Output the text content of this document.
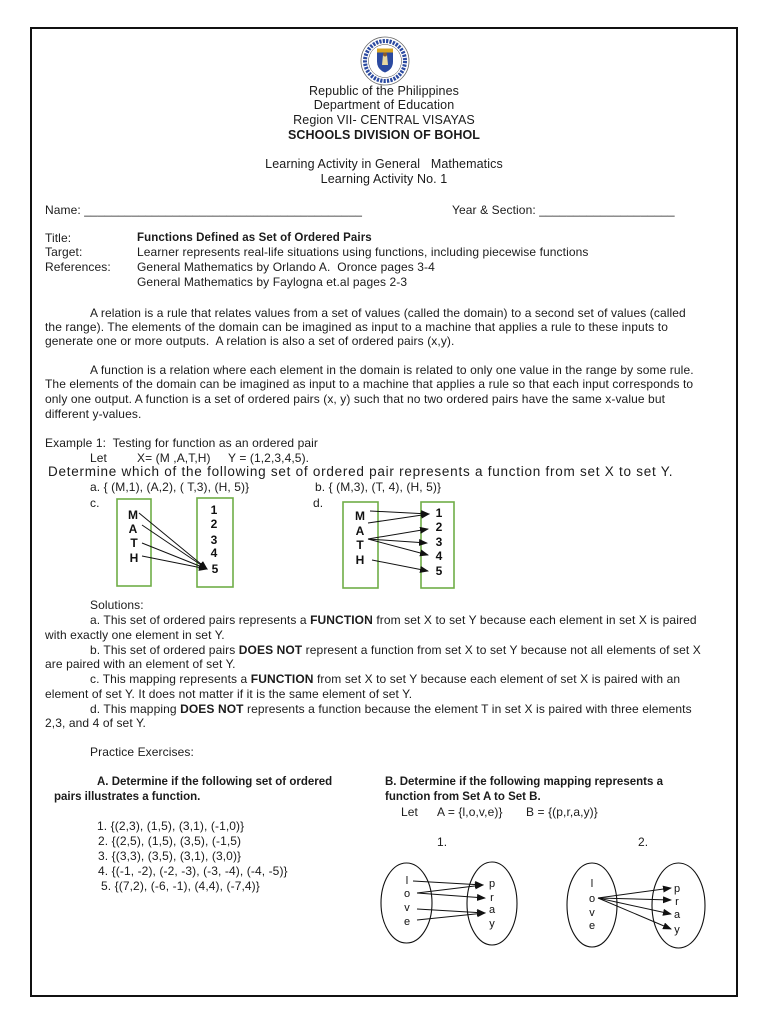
Republic of the Philippines
Department of Education
Region VII- CENTRAL VISAYAS
SCHOOLS DIVISION OF BOHOL
Learning Activity in General   Mathematics
Learning Activity No. 1
Name: _________________________________________	Year & Section: ____________________
Title:	Functions Defined as Set of Ordered Pairs
Target:	Learner represents real-life situations using functions, including piecewise functions
References: General Mathematics by Orlando A.  Oronce pages 3-4
General Mathematics by Faylogna et.al pages 2-3
A relation is a rule that relates values from a set of values (called the domain) to a second set of values (called
the range). The elements of the domain can be imagined as input to a machine that applies a rule to these inputs to
generate one or more outputs.  A relation is also a set of ordered pairs (x,y).
A function is a relation where each element in the domain is related to only one value in the range by some rule.
The elements of the domain can be imagined as input to a machine that applies a rule so that each input corresponds to
only one output. A function is a set of ordered pairs (x, y) such that no two ordered pairs have the same x-value but
different y-values.
Example 1:  Testing for function as an ordered pair
Let	X= (M ,A,T,H) Y = (1,2,3,4,5).
Determine which of the following set of ordered pair represents a function from set X to set Y.
a. { (M,1), (A,2), ( T,3), (H, 5)}	b. { (M,3), (T, 4), (H, 5)}
c.	d.
M
A
T
H
1
2
3
4
5
M
A
T
H
1
2
3
4
5
Solutions:
a. This set of ordered pairs represents a FUNCTION from set X to set Y because each element in set X is paired
with exactly one element in set Y.
b. This set of ordered pairs DOES NOT represent a function from set X to set Y because not all elements of set X
are paired with an element of set Y.
c. This mapping represents a FUNCTION from set X to set Y because each element of set X is paired with an
element of set Y. It does not matter if it is the same element of set Y.
d. This mapping DOES NOT represents a function because the element T in set X is paired with three elements
2,3, and 4 of set Y.
Practice Exercises:
A. Determine if the following set of ordered
pairs illustrates a function.
1. {(2,3), (1,5), (3,1), (-1,0)}
2. {(2,5), (1,5), (3,5), (-1,5)
3. {(3,3), (3,5), (3,1), (3,0)}
4. {(-1, -2), (-2, -3), (-3, -4), (-4, -5)}
5. {(7,2), (-6, -1), (4,4), (-7,4)}
B. Determine if the following mapping represents a
function from Set A to Set B.
Let A = {l,o,v,e)} B = {(p,r,a,y)}
1.	2.
l
o
v
e
p
r
a
y
l
o
v
e
p
r
a
y
